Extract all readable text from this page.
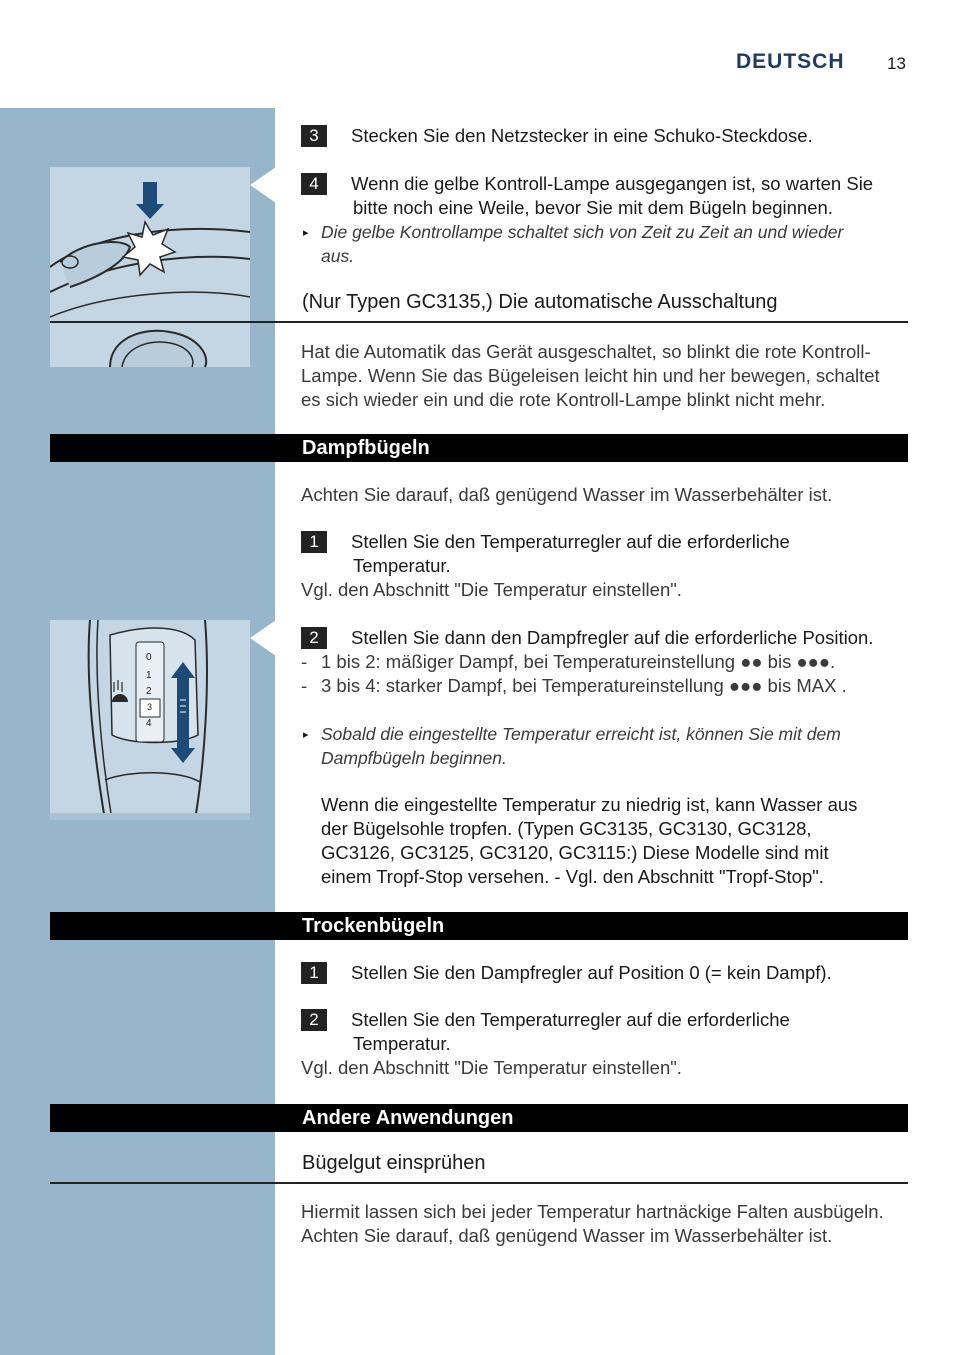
DEUTSCH 13
0
1
2
3
4
3	Stecken Sie den Netzstecker in eine Schuko-Steckdose.
4	Wenn die gelbe Kontroll-Lampe ausgegangen ist, so warten Sie
bitte noch eine Weile, bevor Sie mit dem Bügeln beginnen.
▸ Die gelbe Kontrollampe schaltet sich von Zeit zu Zeit an und wieder
aus.
(Nur Typen GC3135,) Die automatische Ausschaltung
Hat die Automatik das Gerät ausgeschaltet, so blinkt die rote Kontroll-
Lampe. Wenn Sie das Bügeleisen leicht hin und her bewegen, schaltet
es sich wieder ein und die rote Kontroll-Lampe blinkt nicht mehr.
Dampfbügeln
Achten Sie darauf, daß genügend Wasser im Wasserbehälter ist.
1	Stellen Sie den Temperaturregler auf die erforderliche
Temperatur.
Vgl. den Abschnitt "Die Temperatur einstellen".
2	Stellen Sie dann den Dampfregler auf die erforderliche Position.
- 1 bis 2: mäßiger Dampf, bei Temperatureinstellung ●● bis ●●●.
- 3 bis 4: starker Dampf, bei Temperatureinstellung ●●● bis MAX .
▸ Sobald die eingestellte Temperatur erreicht ist, können Sie mit dem
Dampfbügeln beginnen.
Wenn die eingestellte Temperatur zu niedrig ist, kann Wasser aus
der Bügelsohle tropfen. (Typen GC3135, GC3130, GC3128,
GC3126, GC3125, GC3120, GC3115:) Diese Modelle sind mit
einem Tropf-Stop versehen. - Vgl. den Abschnitt "Tropf-Stop".
Trockenbügeln
1	Stellen Sie den Dampfregler auf Position 0 (= kein Dampf).
2	Stellen Sie den Temperaturregler auf die erforderliche
Temperatur.
Vgl. den Abschnitt "Die Temperatur einstellen".
Andere Anwendungen
Bügelgut einsprühen
Hiermit lassen sich bei jeder Temperatur hartnäckige Falten ausbügeln.
Achten Sie darauf, daß genügend Wasser im Wasserbehälter ist.
